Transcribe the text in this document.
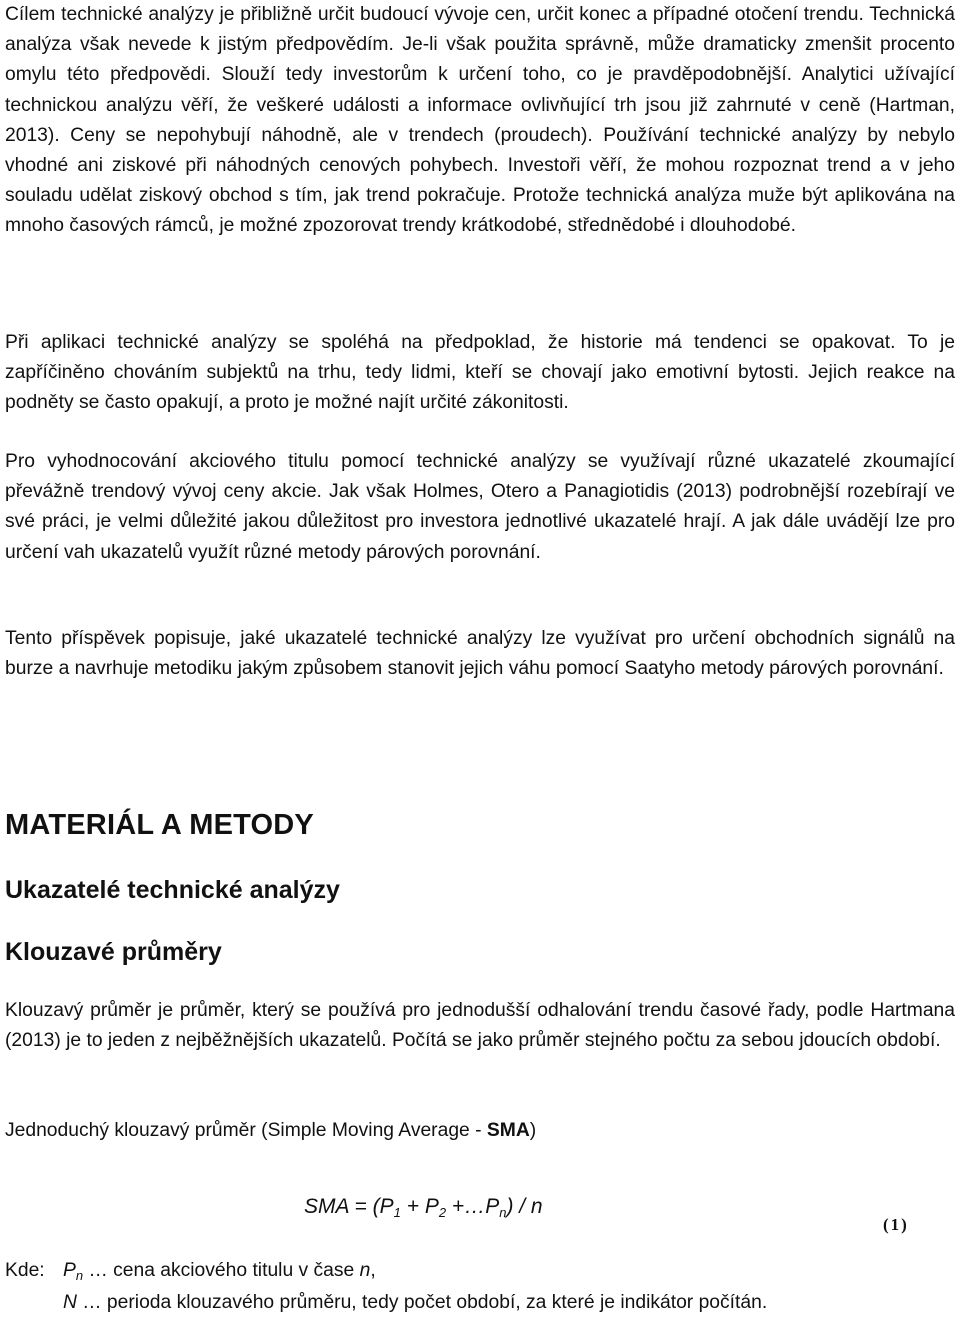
Cílem technické analýzy je přibližně určit budoucí vývoje cen, určit konec a případné otočení trendu. Technická analýza však nevede k jistým předpovědím. Je-li však použita správně, může dramaticky zmenšit procento omylu této předpovědi. Slouží tedy investorům k určení toho, co je pravděpodobnější. Analytici užívající technickou analýzu věří, že veškeré události a informace ovlivňující trh jsou již zahrnuté v ceně (Hartman, 2013). Ceny se nepohybují náhodně, ale v trendech (proudech). Používání technické analýzy by nebylo vhodné ani ziskové při náhodných cenových pohybech. Investoři věří, že mohou rozpoznat trend a v jeho souladu udělat ziskový obchod s tím, jak trend pokračuje. Protože technická analýza muže být aplikována na mnoho časových rámců, je možné zpozorovat trendy krátkodobé, střednědobé i dlouhodobé.

Při aplikaci technické analýzy se spoléhá na předpoklad, že historie má tendenci se opakovat. To je zapříčiněno chováním subjektů na trhu, tedy lidmi, kteří se chovají jako emotivní bytosti. Jejich reakce na podněty se často opakují, a proto je možné najít určité zákonitosti.

Pro vyhodnocování akciového titulu pomocí technické analýzy se využívají různé ukazatelé zkoumající převážně trendový vývoj ceny akcie. Jak však Holmes, Otero a Panagiotidis (2013) podrobnější rozebírají ve své práci, je velmi důležité jakou důležitost pro investora jednotlivé ukazatelé hrají. A jak dále uvádějí lze pro určení vah ukazatelů využít různé metody párových porovnání.

Tento příspěvek popisuje, jaké ukazatelé technické analýzy lze využívat pro určení obchodních signálů na burze a navrhuje metodiku jakým způsobem stanovit jejich váhu pomocí Saatyho metody párových porovnání.

MATERIÁL A METODY
Ukazatelé technické analýzy
Klouzavé průměry

Klouzavý průměr je průměr, který se používá pro jednodušší odhalování trendu časové řady, podle Hartmana (2013) je to jeden z nejběžnějších ukazatelů. Počítá se jako průměr stejného počtu za sebou jdoucích období.

Jednoduchý klouzavý průměr (Simple Moving Average - SMA)

SMA = ($P_1 + P_2$ $+\dots P_n) / n$
(1)
Kde: $P_n$ … cena akciového titulu v čase n,
N … perioda klouzavého průměru, tedy počet období, za které je indikátor počítán.
